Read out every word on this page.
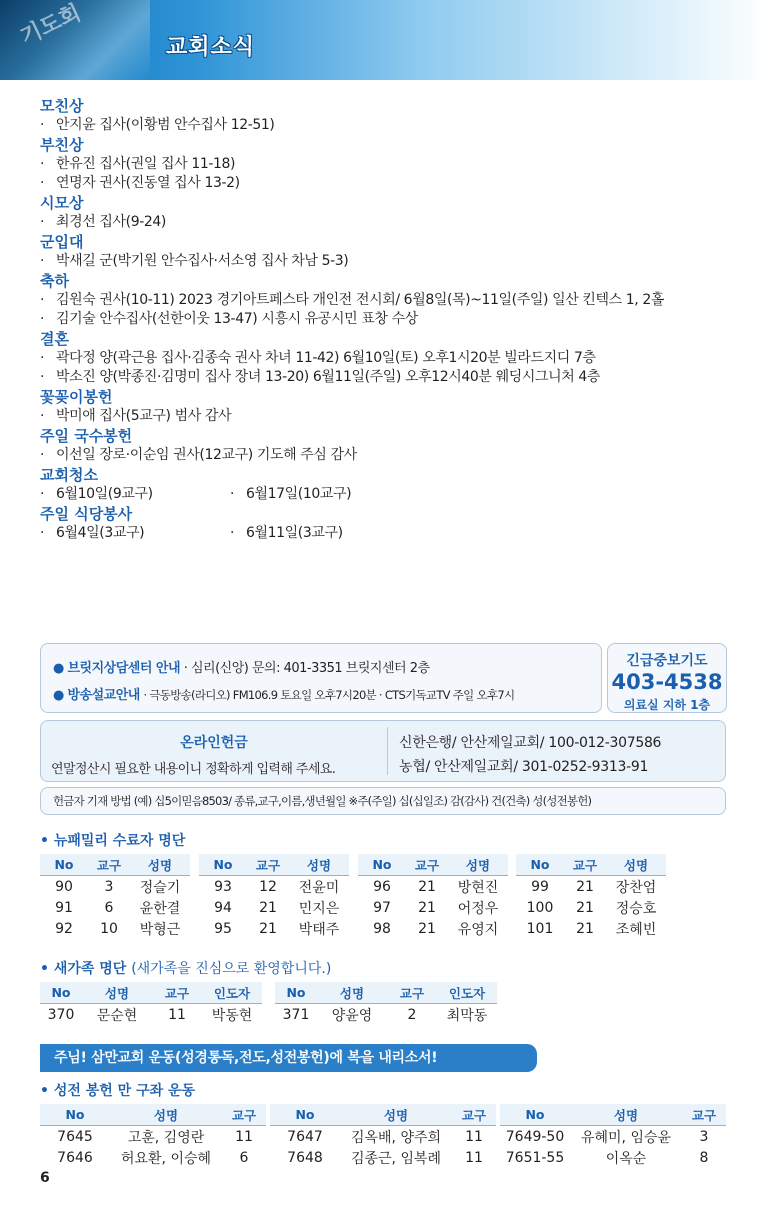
기도회	교회소식
모친상
· 안지윤 집사(이황범 안수집사 12-51)
부친상
· 한유진 집사(권일 집사 11-18)
· 연명자 권사(진동열 집사 13-2)
시모상
· 최경선 집사(9-24)
군입대
· 박새길 군(박기원 안수집사·서소영 집사 차남 5-3)
축하
· 김원숙 권사(10-11) 2023 경기아트페스타 개인전 전시회/ 6월8일(목)~11일(주일) 일산 킨텍스 1, 2홀
· 김기술 안수집사(선한이웃 13-47) 시흥시 유공시민 표창 수상
결혼
· 곽다정 양(곽근용 집사·김종숙 권사 차녀 11-42) 6월10일(토) 오후1시20분 빌라드지디 7층
· 박소진 양(박종진·김명미 집사 장녀 13-20) 6월11일(주일) 오후12시40분 웨딩시그니처 4층
꽃꽂이봉헌
· 박미애 집사(5교구) 범사 감사
주일 국수봉헌
· 이선일 장로·이순임 권사(12교구) 기도해 주심 감사
교회청소
· 6월10일(9교구)	· 6월17일(10교구)
주일 식당봉사
· 6월4일(3교구)	· 6월11일(3교구)
● 브릿지상담센터 안내 · 심리(신앙) 문의: 401-3351 브릿지센터 2층
● 방송설교안내 · 극동방송(라디오) FM106.9 토요일 오후7시20분 · CTS기독교TV 주일 오후7시
긴급중보기도
403-4538
의료실 지하 1층
온라인헌금
연말정산시 필요한 내용이니 정확하게 입력해 주세요.
신한은행/ 안산제일교회/ 100-012-307586
농협/ 안산제일교회/ 301-0252-9313-91
헌금자 기재 방법 (예) 십5이믿음8503/ 종류,교구,이름,생년월일 ※주(주일) 십(십일조) 감(감사) 건(건축) 성(성전봉헌)
• 뉴패밀리 수료자 명단
No	교구	성명
90	3	정슬기
91	6	윤한결
92	10	박형근
No	교구	성명
93	12	전윤미
94	21	민지은
95	21	박태주
No	교구	성명
96	21	방현진
97	21	어정우
98	21	유영지
No	교구	성명
99	21	장찬엄
100	21	정승호
101	21	조혜빈
• 새가족 명단 (새가족을 진심으로 환영합니다.)
No	성명	교구	인도자
370	문순현	11	박동현
No	성명	교구	인도자
371	양윤영	2	최막동
주님! 삼만교회 운동(성경통독,전도,성전봉헌)에 복을 내리소서!
• 성전 봉헌 만 구좌 운동
No	성명	교구
7645	고훈, 김영란	11
7646	허요환, 이승혜	6
No	성명	교구
7647	김옥배, 양주희	11
7648	김종근, 임복례	11
No	성명	교구
7649-50	유혜미, 임승윤	3
7651-55	이옥순	8
6
